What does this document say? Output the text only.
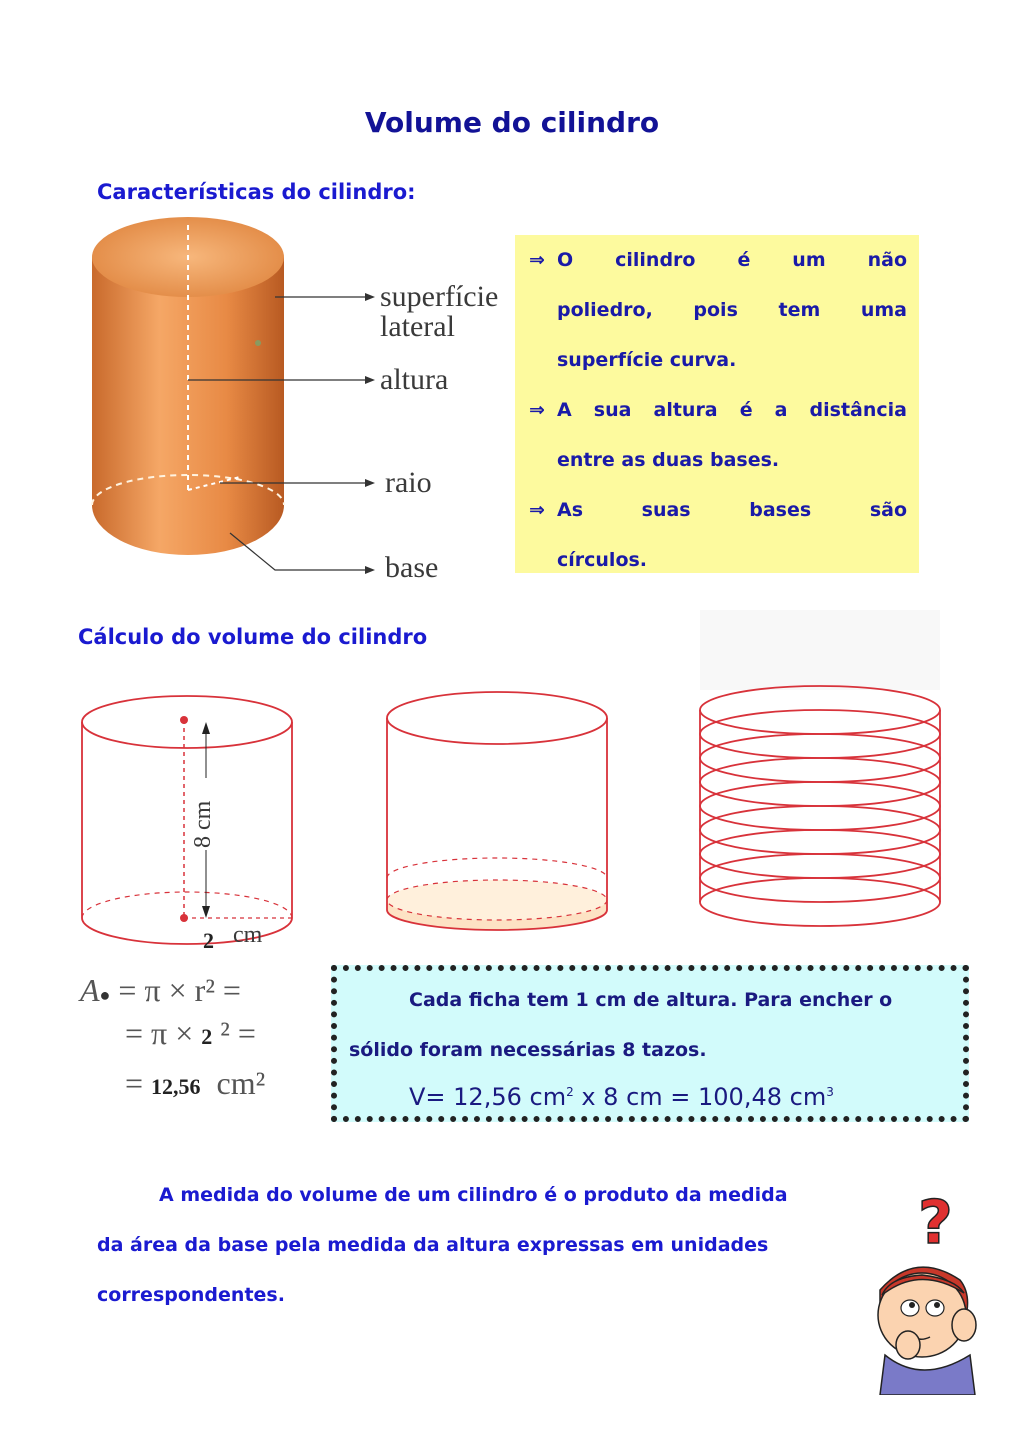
Volume do cilindro
Características do cilindro:
superfície
lateral
altura
raio
base
⇒ O cilindro é um não
poliedro, pois tem uma
superfície curva.
⇒ A sua altura é a distância
entre as duas bases.
⇒ As suas bases são
círculos.
Cálculo do volume do cilindro
8 cm
2 cm
A● = π × r² =
= π × 2 ² =
= 12,56 cm²

Cada ficha tem 1 cm de altura. Para encher o

sólido foram necessárias 8 tazos.

V= 12,56 $cm^2$ x 8 cm = 100,48 $cm^3$
A medida do volume de um cilindro é o produto da medida
da área da base pela medida da altura expressas em unidades
correspondentes.
?
